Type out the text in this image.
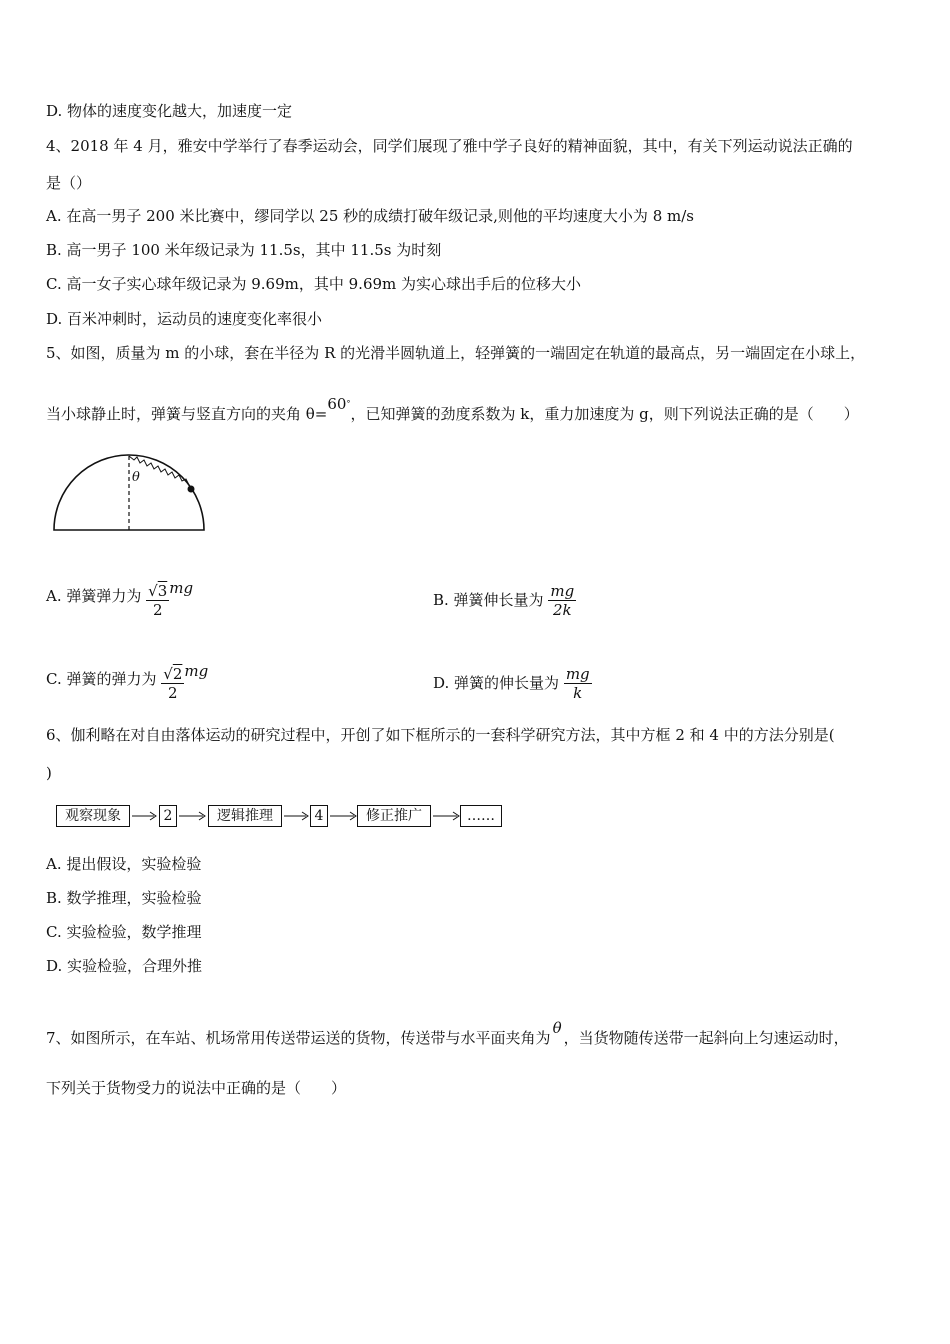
D. 物体的速度变化越大，加速度一定
4、2018 年 4 月，雅安中学举行了春季运动会，同学们展现了雅中学子良好的精神面貌，其中，有关下列运动说法正确的
是（）
A. 在高一男子 200 米比赛中，缪同学以 25 秒的成绩打破年级记录,则他的平均速度大小为 8 m/s
B. 高一男子 100 米年级记录为 11.5s，其中 11.5s 为时刻
C. 高一女子实心球年级记录为 9.69m，其中 9.69m 为实心球出手后的位移大小
D. 百米冲刺时，运动员的速度变化率很小
5、如图，质量为 m 的小球，套在半径为 R 的光滑半圆轨道上，轻弹簧的一端固定在轨道的最高点，另一端固定在小球上，
当小球静止时，弹簧与竖直方向的夹角 θ=60°，已知弹簧的劲度系数为 k，重力加速度为 g，则下列说法正确的是（　　）
θ
A. 弹簧弹力为 $\frac{√3}{2}$ mg
B. 弹簧伸长量为 $\frac{mg}{2k}$
C. 弹簧的弹力为 $\frac{√2}{2}$ mg
D. 弹簧的伸长量为 $\frac{mg}{k}$
6、伽利略在对自由落体运动的研究过程中，开创了如下框所示的一套科学研究方法，其中方框 2 和 4 中的方法分别是(
)
观察现象	2	逻辑推理	4	修正推广	……
A. 提出假设，实验检验
B. 数学推理，实验检验
C. 实验检验，数学推理
D. 实验检验，合理外推
7、如图所示，在车站、机场常用传送带运送的货物，传送带与水平面夹角为θ，当货物随传送带一起斜向上匀速运动时，
下列关于货物受力的说法中正确的是（　　）
